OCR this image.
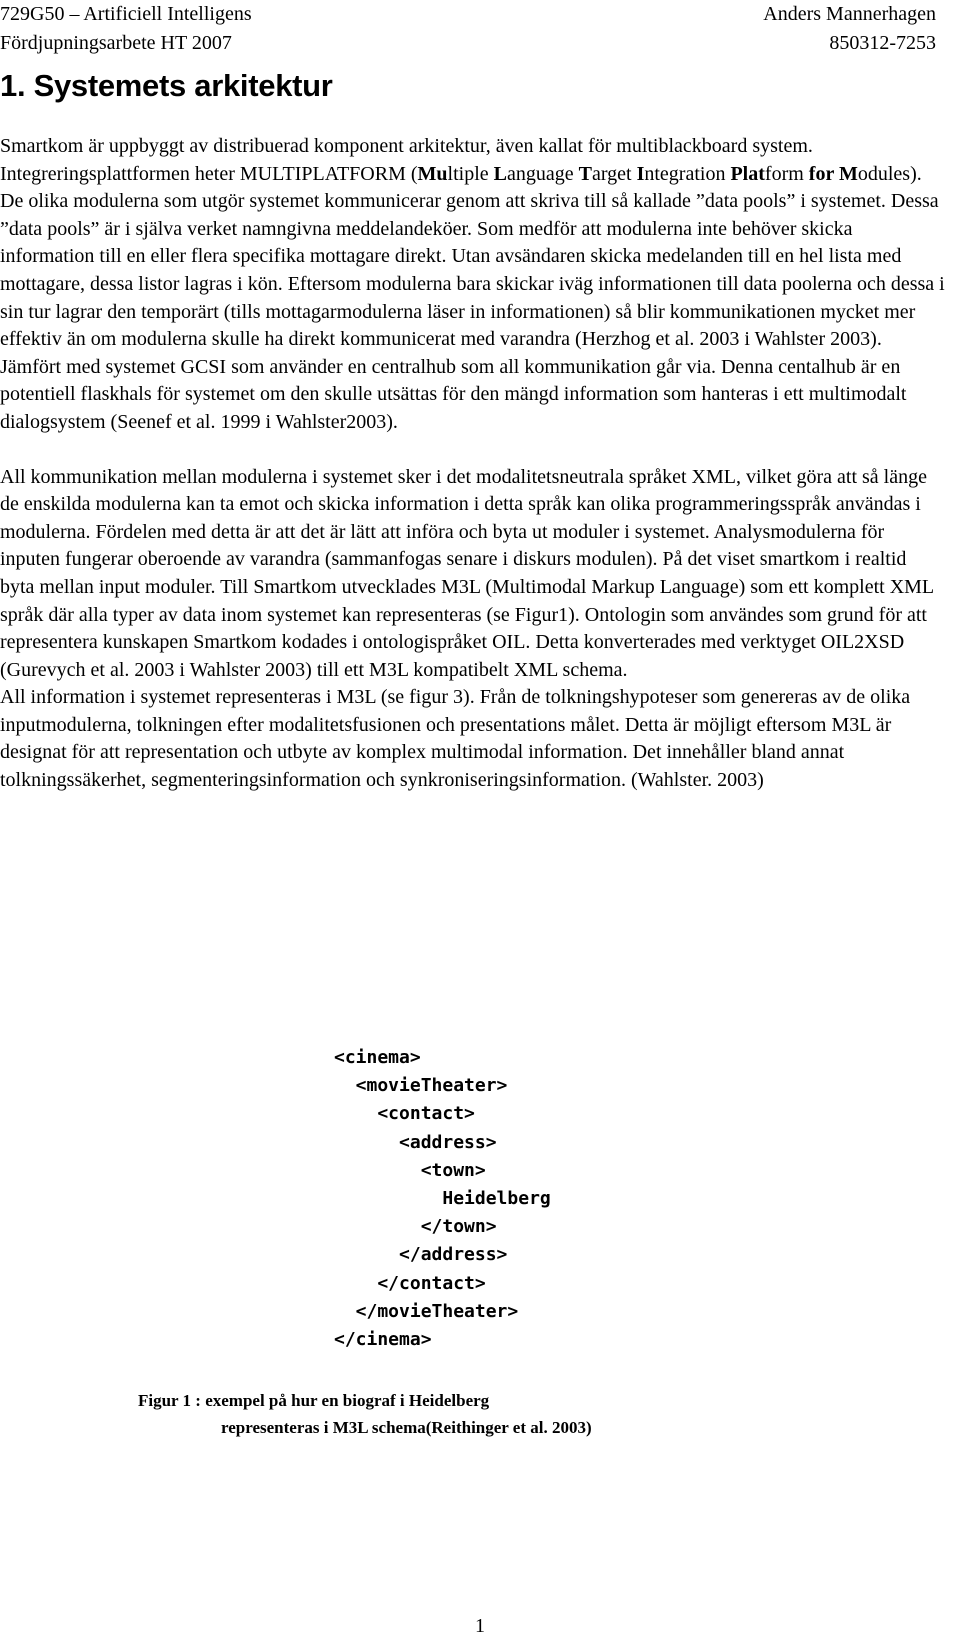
729G50 – Artificiell Intelligens	Anders Mannerhagen
Fördjupningsarbete HT 2007	850312-7253
1. Systemets arkitektur

Smartkom är uppbyggt av distribuerad komponent arkitektur, även kallat för multiblackboard system. Integreringsplattformen heter MULTIPLATFORM (Multiple Language Target Integration Platform for Modules).
De olika modulerna som utgör systemet kommunicerar genom att skriva till så kallade ”data pools” i systemet. Dessa ”data pools” är i själva verket namngivna meddelandeköer. Som medför att modulerna inte behöver skicka information till en eller flera specifika mottagare direkt. Utan avsändaren skicka medelanden till en hel lista med mottagare, dessa listor lagras i kön. Eftersom modulerna bara skickar iväg informationen till data poolerna och dessa i sin tur lagrar den temporärt (tills mottagarmodulerna läser in informationen) så blir kommunikationen mycket mer effektiv än om modulerna skulle ha direkt kommunicerat med varandra (Herzhog et al. 2003 i Wahlster 2003).

Jämfört med systemet GCSI som använder en centralhub som all kommunikation går via. Denna centalhub är en potentiell flaskhals för systemet om den skulle utsättas för den mängd information som hanteras i ett multimodalt dialogsystem (Seenef et al. 1999 i Wahlster2003).

All kommunikation mellan modulerna i systemet sker i det modalitetsneutrala språket XML, vilket göra att så länge de enskilda modulerna kan ta emot och skicka information i detta språk kan olika programmeringsspråk användas i modulerna. Fördelen med detta är att det är lätt att införa och byta ut moduler i systemet. Analysmodulerna för inputen fungerar oberoende av varandra (sammanfogas senare i diskurs modulen). På det viset smartkom i realtid byta mellan input moduler. Till Smartkom utvecklades M3L (Multimodal Markup Language) som ett komplett XML språk där alla typer av data inom systemet kan representeras (se Figur1). Ontologin som användes som grund för att representera kunskapen Smartkom kodades i ontologispråket OIL. Detta konverterades med verktyget OIL2XSD (Gurevych et al. 2003 i Wahlster 2003) till ett M3L kompatibelt XML schema.

All information i systemet representeras i M3L (se figur 3). Från de tolkningshypoteser som genereras av de olika inputmodulerna, tolkningen efter modalitetsfusionen och presentations målet. Detta är möjligt eftersom M3L är designat för att representation och utbyte av komplex multimodal information. Det innehåller bland annat tolkningssäkerhet, segmenteringsinformation och synkroniseringsinformation. (Wahlster. 2003)

<cinema>
<movieTheater>
<contact>
<address>
<town>
Heidelberg
</town>
</address>
</contact>
</movieTheater>
</cinema>
Figur 1 : exempel på hur en biograf i Heidelberg
representeras i M3L schema(Reithinger et al. 2003)
1
